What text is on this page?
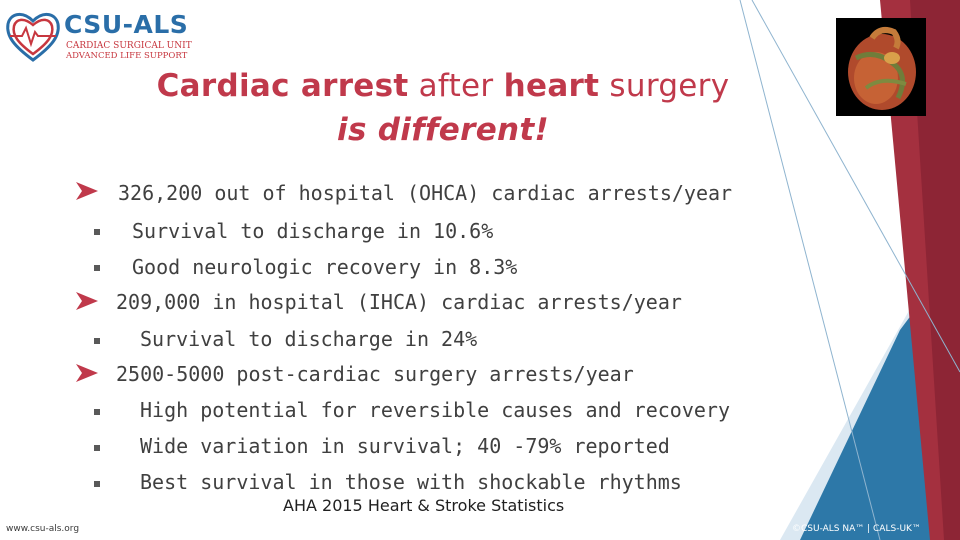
CSU-ALS
CARDIAC SURGICAL UNIT
ADVANCED LIFE SUPPORT
Cardiac arrest after heart surgery
is different!
326,200 out of hospital (OHCA) cardiac arrests/year
Survival to discharge in 10.6%
Good neurologic recovery in 8.3%
209,000 in hospital (IHCA) cardiac arrests/year
Survival to discharge in 24%
2500-5000 post-cardiac surgery arrests/year
High potential for reversible causes and recovery
Wide variation in survival; 40 -79% reported
Best survival in those with shockable rhythms
AHA 2015 Heart & Stroke Statistics
www.csu-als.org	©CSU-ALS NA™ | CALS-UK™
